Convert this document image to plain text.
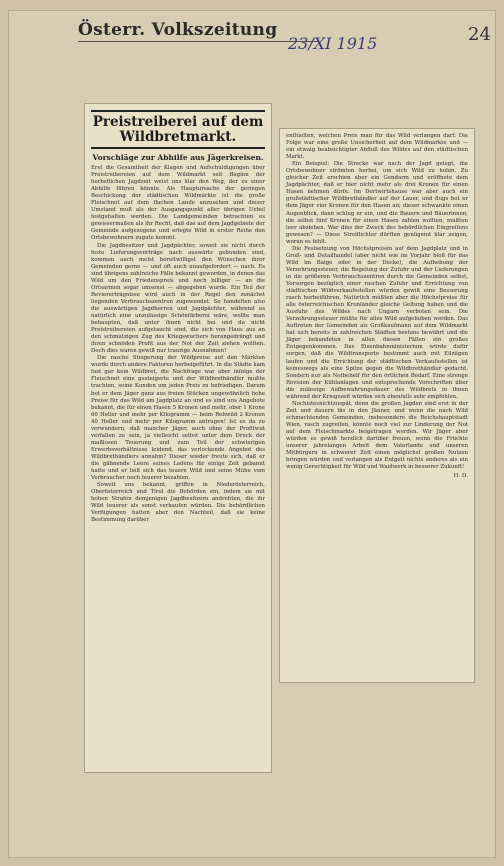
Österr. Volkszeitung
23/XI 1915	24
Preistreiberei auf dem Wildbretmarkt.
Vorschläge zur Abhilfe aus Jägerkreisen.

Erst die Gesamtheit der Klagen und Aufschuldigungen über Preistreibereien auf dem Wildmarkt seit Beginn der herbstlichen Jagdzeit weist uns klar den Weg, der zu einer Abhilfe führen könnte. Als Hauptursache der geringen Beschickung der städtischen Wildmärkte ist die große Fleischnot auf dem flachen Lande anzusehen und dieser Umstand muß als der Ausgangspunkt aller übrigen Uebel festgehalten werden. Die Landgemeinden betrachten es gewissermaßen als ihr Recht, daß das auf dem Jagdgebiete der Gemeinde aufgezogene und erlegte Wild in erster Reihe den Ortsbewohnern zugute kommt.

Die Jagdbesitzer und Jagdpächter, soweit sie nicht durch feste Lieferungsverträge nach auswärts gebunden sind, kommen auch meist bereitwilligst den Wünschen ihrer Gemeinden gerne — und oft auch unaufgefordert — nach. Es sind übrigens zahlreiche Fälle bekannt geworden, in denen das Wild um den Friedenspreis und noch billiger — an die Ortsarmen sogar umsonst — abgegeben wurde. Ein Teil der Reviererträgnisse wird auch in der Regel den zunächst liegenden Verbrauchszentren zugewendet. So handelten also die auswärtigen Jagdherren und Jagdpächter, während es natürlich eine unzulässige Schönfärberei wäre, wollte man behaupten, daß unter ihnen nicht bei und da nicht Preistreibereien aufgetaucht sind, die sich von Haus aus an den schmutzigen Zug des Kriegswuchers herangedrängt und ihren schnöden Profit aus der Not der Zeit ziehen wollten. Doch dies waren gewiß nur traurige Ausnahmen!

Die rasche Steigerung der Wildpreise auf den Märkten wurde durch andere Faktoren herbeigeführt. In die Städte kam fast gar kein Wildbret, die Nachfrage war aber infolge der Fleischnot eine gesteigerte und der Wildbrethändler mußte trachten, seine Kunden um jeden Preis zu befriedigen. Darum bot er dem Jäger ganz aus freien Stücken ungewöhnlich hohe Preise für das Wild am Jagdplatz an und es sind uns Angebote bekannt, die für einen Hasen 5 Kronen und mehr, ober 1 Krone 60 Heller und mehr per Kilogramm — beim Rehwild 2 Kronen 40 Heller und mehr per Kilogramm antrugen! Ist es da zu verwundern, daß mancher Jäger, auch ohne der Profitwut verfallen zu sein, ja vielleicht selbst unter dem Druck der maßlosen Teuerung und zum Teil der schwierigen Erwerbsverhältnisse leidend, das verlockende Angebot des Wildbrethändlers annahm? Dieser wieder freute sich, daß er die gähnende Leere seines Ladens für einige Zeit gebannt hatte und er ließ sich das teuere Wild und seine Mühe vom Verbraucher noch teuerer bezahlen.

Soweit uns bekannt, griffen in Niederösterreich, Oberösterreich und Tirol die Behörden ein, indem sie mit hohen Strafen demjenigen Jagdbesitzern androhten, die ihr Wild teuerer als sonst verkaufen würden. Die behördlichen Verfügungen hatten aber den Nachteil, daß sie keine Bestimmung darüber

enthielten, welchen Preis man für das Wild verlangen darf. Die Folge war eine große Unsicherheit auf dem Wildmarkte und — ein etwaig beabsichtigter Abfluß des Wildes auf den städtischen Markt.

Ein Beispiel: Die Strecke war nach der Jagd gelegt, die Ortsbewohner strömten herbei, um sich Wild zu holen. Zu gleicher Zeit erschien aber ein Gendarm und eröffnete dem Jagdpächter, daß er hier nicht mehr als drei Kronen für einen Hasen nehmen dürfe. Im Dortwirtshause war aber auch ein großstädtischer Wildbrethändler auf der Lauer, und flugs bot er dem Jäger vier Kronen für den Hasen an; dieser schwankte einen Augenblick, dann schlug er ein, und die Bauern und Bäuerinnen, die selbst fünf Kronen für einen Hasen zahlen wollten, mußten leer abziehen. War dies der Zweck des behördlichen Eingreifens gewesen? — Diese Streiflichter dürften genügend klar zeigen, woran es fehlt.

Die Festsetzung von Höchstpreisen auf dem Jagdplatz und in Groß- und Detailhandel (aber nicht wie im Vorjahr bloß für das Wild im Balge oder in der Decke), die Aufhebung der Verzehrungssteuer, die Regelung der Zufuhr und der Lieferungen in die größeren Verbrauchszentren durch die Gemeinden selbst, Vorsorgen bezüglich einer raschen Zufuhr und Errichtung von städtischen Wildverkaufsstellen würden gewiß eine Besserung rasch herbeiführen. Natürlich müßten aber die Höchstpreise für alle österreichischen Kronländer gleiche Geltung haben und die Ausfuhr des Wildes nach Ungarn verboten sein. Die Verzehrungssteuer müßte für alles Wild aufgehoben werden. Das Auftreten der Gemeinden als Großkaufmann auf dem Wildmarkt hat sich bereits in zahlreichen Städten bestens bewährt und die Jäger bekundeten in allen diesen Fällen ein großes Entgegenkommen. Das Eisenbahnministerium würde dafür sorgen, daß die Wildtransporte bestimmt auch mit Eilzügen laufen und die Errichtung der städtischen Verkaufsstellen ist keineswegs als eine Spitze gegen die Wildbrethändler gedacht. Sondern nur als Notbehelf für den örtlichen Bedarf. Eine strenge Revision der Kühlanlagen und entsprechende Vorschriften über die zulässige Aufbewahrungsdauer des Wildbrets in ihnen während der Kriegszeit würden sich ebenfalls sehr empfehlen.

Nochistesnichtzuspät, denn die großen Jagden sind erst in der Zeit und dauern bis in den Jänner, und wenn die nach Wild schmachtenden Gemeinden, insbesondere die Reichshauptstadt Wien, rasch zugreifen, könnte noch viel zur Linderung der Not auf dem Fleischmarkte beigetragen werden. Wir Jäger aber würden es gewiß herzlich darüber freuen, wenn die Früchte unserer jahrelangen Arbeit dem Vaterlande und unseren Mitbürgern in schwerer Zeit einen möglichst großen Nutzen bringen würden und verlangen als Entgelt nichts anderes als ein wenig Gerechtigkeit für Wild und Waidwerk in besserer Zukunft!

H. D.
